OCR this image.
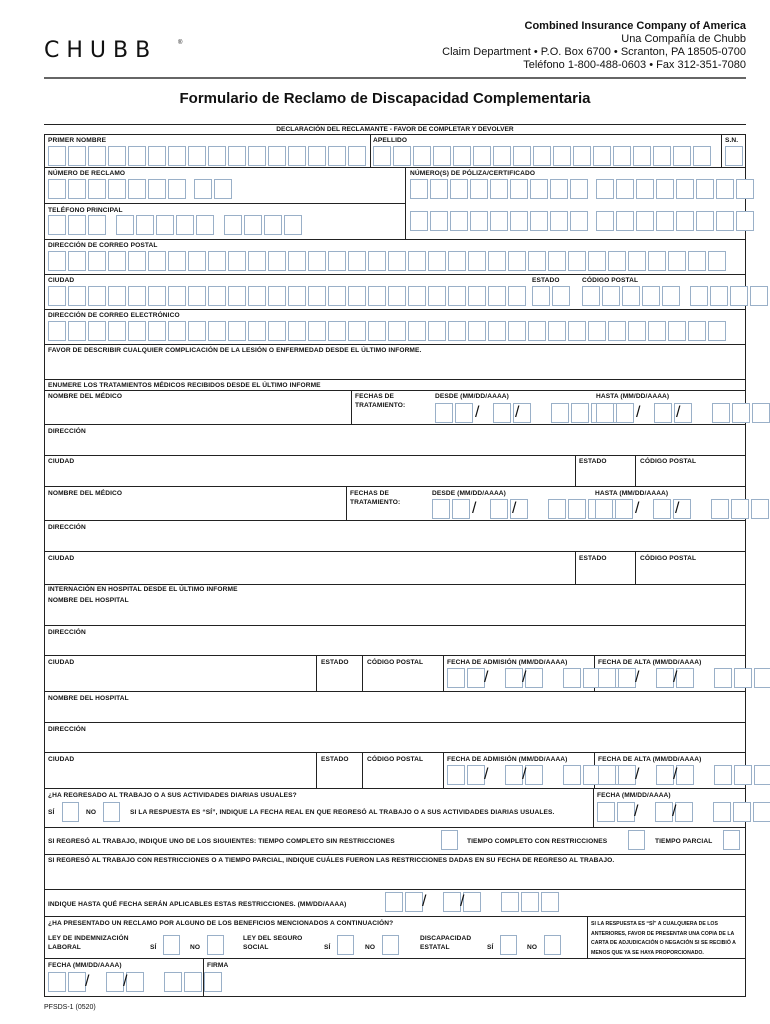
CHUBB	®
Combined Insurance Company of America
Una Compañía de Chubb
Claim Department • P.O. Box 6700 • Scranton, PA 18505-0700
Teléfono 1-800-488-0603 • Fax 312-351-7080
Formulario de Reclamo de Discapacidad Complementaria
DECLARACIÓN DEL RECLAMANTE - FAVOR DE COMPLETAR Y DEVOLVER
PRIMER NOMBRE	APELLIDO	S.N.
NÚMERO DE RECLAMO	NÚMERO(S) DE PÓLIZA/CERTIFICADO
TELÉFONO PRINCIPAL
DIRECCIÓN DE CORREO POSTAL
CIUDAD	ESTADO	CÓDIGO POSTAL
DIRECCIÓN DE CORREO ELECTRÓNICO
FAVOR DE DESCRIBIR CUALQUIER COMPLICACIÓN DE LA LESIÓN O ENFERMEDAD DESDE EL ÚLTIMO INFORME.
ENUMERE LOS TRATAMIENTOS MÉDICOS RECIBIDOS DESDE EL ÚLTIMO INFORME
NOMBRE DEL MÉDICO	FECHAS DE
TRATAMIENTO:
DESDE (MM/DD/AAAA)	HASTA (MM/DD/AAAA)
/ /	/ /
DIRECCIÓN
CIUDAD	ESTADO	CÓDIGO POSTAL
NOMBRE DEL MÉDICO	FECHAS DE
TRATAMIENTO:
DESDE (MM/DD/AAAA)	HASTA (MM/DD/AAAA)
/ /	/ /
DIRECCIÓN
CIUDAD	ESTADO	CÓDIGO POSTAL
INTERNACIÓN EN HOSPITAL DESDE EL ÚLTIMO INFORME
NOMBRE DEL HOSPITAL
DIRECCIÓN
CIUDAD	ESTADO	CÓDIGO POSTAL	FECHA DE ADMISIÓN (MM/DD/AAAA)	FECHA DE ALTA (MM/DD/AAAA)
/ /	/ /
NOMBRE DEL HOSPITAL
DIRECCIÓN
CIUDAD	ESTADO	CÓDIGO POSTAL	FECHA DE ADMISIÓN (MM/DD/AAAA)	FECHA DE ALTA (MM/DD/AAAA)
/ /	/ /
¿HA REGRESADO AL TRABAJO O A SUS ACTIVIDADES DIARIAS USUALES?	FECHA (MM/DD/AAAA)
SÍ	NO	SI LA RESPUESTA ES “SÍ”, INDIQUE LA FECHA REAL EN QUE REGRESÓ AL TRABAJO O A SUS ACTIVIDADES DIARIAS USUALES.	/ /
SI REGRESÓ AL TRABAJO, INDIQUE UNO DE LOS SIGUIENTES: TIEMPO COMPLETO SIN RESTRICCIONES	TIEMPO COMPLETO CON RESTRICCIONES	TIEMPO PARCIAL
SI REGRESÓ AL TRABAJO CON RESTRICCIONES O A TIEMPO PARCIAL, INDIQUE CUÁLES FUERON LAS RESTRICCIONES DADAS EN SU FECHA DE REGRESO AL TRABAJO.
INDIQUE HASTA QUÉ FECHA SERÁN APLICABLES ESTAS RESTRICCIONES. (MM/DD/AAAA)	/ /
¿HA PRESENTADO UN RECLAMO POR ALGUNO DE LOS BENEFICIOS MENCIONADOS A CONTINUACIÓN?	SI LA RESPUESTA ES “SÍ” A CUALQUIERA DE LOS ANTERIORES, FAVOR DE PRESENTAR UNA COPIA DE LA CARTA DE ADJUDICACIÓN O NEGACIÓN SI SE RECIBIÓ A MENOS QUE YA SE HAYA PROPORCIONADO.
LEY DE INDEMNIZACIÓN
LABORAL	SÍ	NO
LEY DEL SEGURO
SOCIAL	SÍ	NO
DISCAPACIDAD
ESTATAL	SÍ	NO
FECHA (MM/DD/AAAA)	FIRMA
/ /
PFSDS-1 (0520)
